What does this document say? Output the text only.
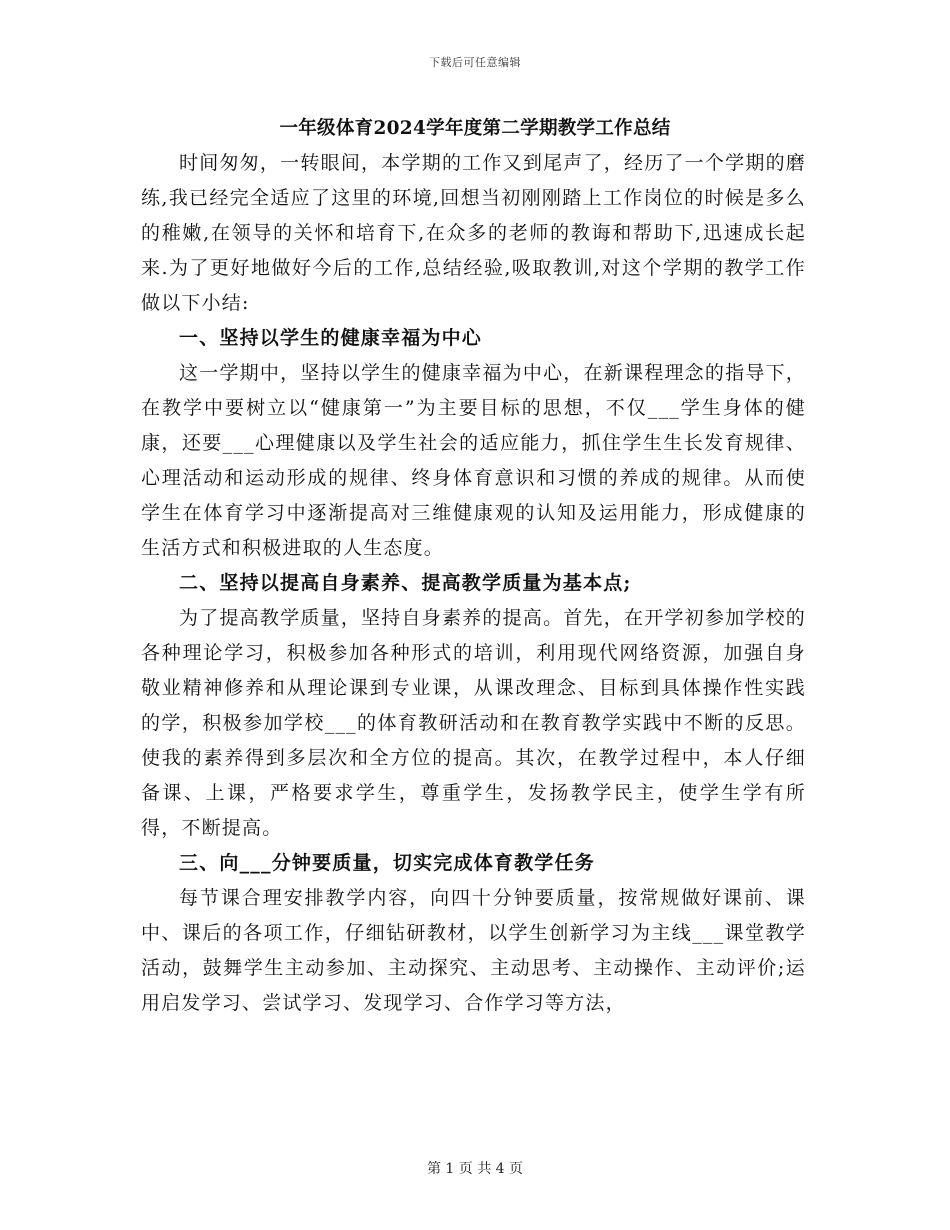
下载后可任意编辑
一年级体育2024学年度第二学期教学工作总结

时间匆匆，一转眼间，本学期的工作又到尾声了，经历了一个学期的磨练,我已经完全适应了这里的环境,回想当初刚刚踏上工作岗位的时候是多么的稚嫩,在领导的关怀和培育下,在众多的老师的教诲和帮助下,迅速成长起来.为了更好地做好今后的工作,总结经验,吸取教训,对这个学期的教学工作做以下小结:

一、坚持以学生的健康幸福为中心

这一学期中，坚持以学生的健康幸福为中心，在新课程理念的指导下，在教学中要树立以“健康第一”为主要目标的思想，不仅___学生身体的健康，还要___心理健康以及学生社会的适应能力，抓住学生生长发育规律、心理活动和运动形成的规律、终身体育意识和习惯的养成的规律。从而使学生在体育学习中逐渐提高对三维健康观的认知及运用能力，形成健康的生活方式和积极进取的人生态度。

二、坚持以提高自身素养、提高教学质量为基本点;

为了提高教学质量，坚持自身素养的提高。首先，在开学初参加学校的各种理论学习，积极参加各种形式的培训，利用现代网络资源，加强自身敬业精神修养和从理论课到专业课，从课改理念、目标到具体操作性实践的学，积极参加学校___的体育教研活动和在教育教学实践中不断的反思。使我的素养得到多层次和全方位的提高。其次，在教学过程中，本人仔细备课、上课，严格要求学生，尊重学生，发扬教学民主，使学生学有所得，不断提高。

三、向___分钟要质量，切实完成体育教学任务

每节课合理安排教学内容，向四十分钟要质量，按常规做好课前、课中、课后的各项工作，仔细钻研教材，以学生创新学习为主线___课堂教学活动，鼓舞学生主动参加、主动探究、主动思考、主动操作、主动评价;运用启发学习、尝试学习、发现学习、合作学习等方法，

第 1 页 共 4 页
